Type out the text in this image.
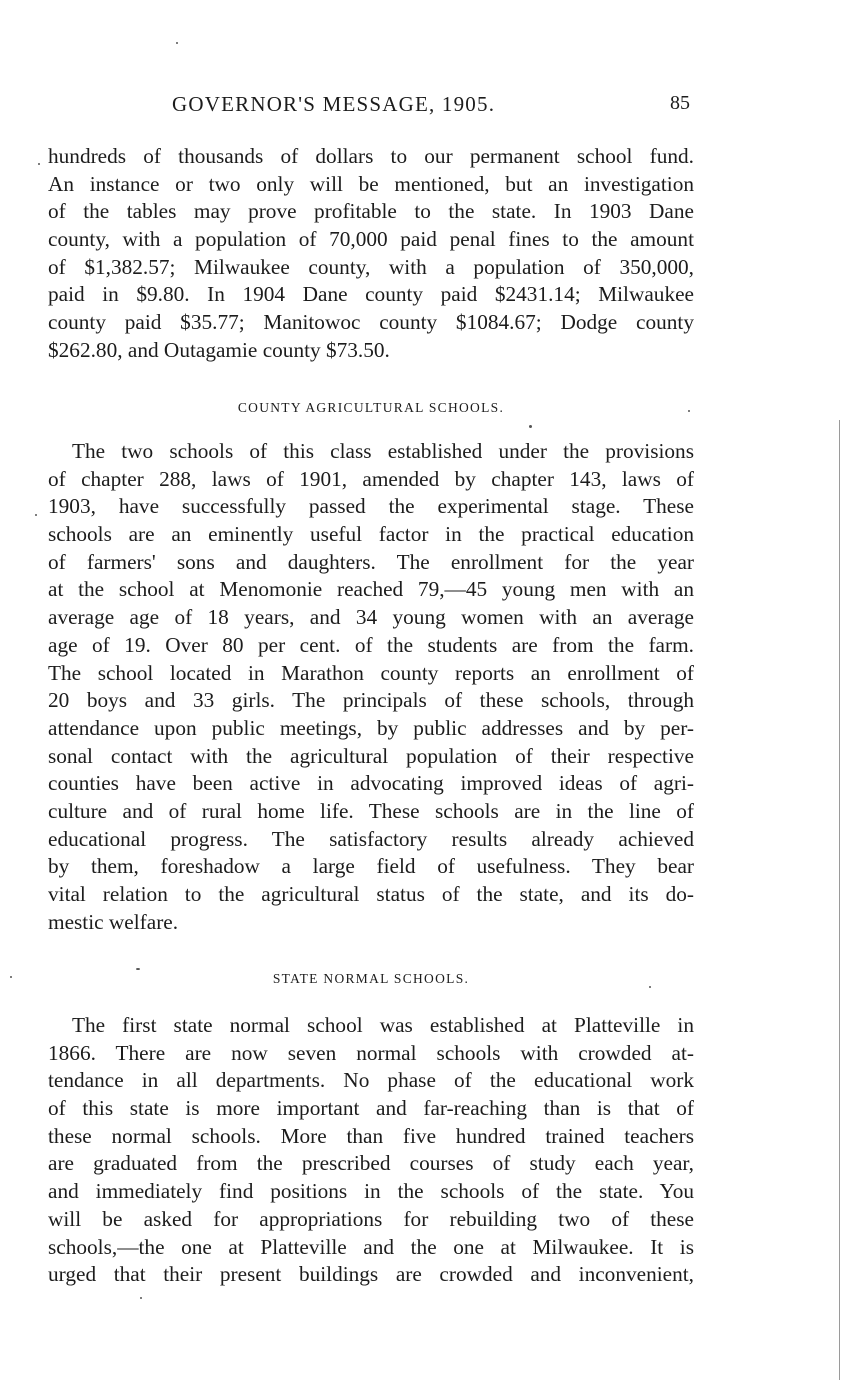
GOVERNOR'S MESSAGE, 1905.	85
hundreds of thousands of dollars to our permanent school fund.
An instance or two only will be mentioned, but an investigation
of the tables may prove profitable to the state. In 1903 Dane
county, with a population of 70,000 paid penal fines to the amount
of $1,382.57; Milwaukee county, with a population of 350,000,
paid in $9.80. In 1904 Dane county paid $2431.14; Milwaukee
county paid $35.77; Manitowoc county $1084.67; Dodge county
$262.80, and Outagamie county $73.50.
COUNTY AGRICULTURAL SCHOOLS.
The two schools of this class established under the provisions
of chapter 288, laws of 1901, amended by chapter 143, laws of
1903, have successfully passed the experimental stage. These
schools are an eminently useful factor in the practical education
of farmers' sons and daughters. The enrollment for the year
at the school at Menomonie reached 79,—45 young men with an
average age of 18 years, and 34 young women with an average
age of 19. Over 80 per cent. of the students are from the farm.
The school located in Marathon county reports an enrollment of
20 boys and 33 girls. The principals of these schools, through
attendance upon public meetings, by public addresses and by per-
sonal contact with the agricultural population of their respective
counties have been active in advocating improved ideas of agri-
culture and of rural home life. These schools are in the line of
educational progress. The satisfactory results already achieved
by them, foreshadow a large field of usefulness. They bear
vital relation to the agricultural status of the state, and its do-
mestic welfare.
STATE NORMAL SCHOOLS.
The first state normal school was established at Platteville in
1866. There are now seven normal schools with crowded at-
tendance in all departments. No phase of the educational work
of this state is more important and far-reaching than is that of
these normal schools. More than five hundred trained teachers
are graduated from the prescribed courses of study each year,
and immediately find positions in the schools of the state. You
will be asked for appropriations for rebuilding two of these
schools,—the one at Platteville and the one at Milwaukee. It is
urged that their present buildings are crowded and inconvenient,
